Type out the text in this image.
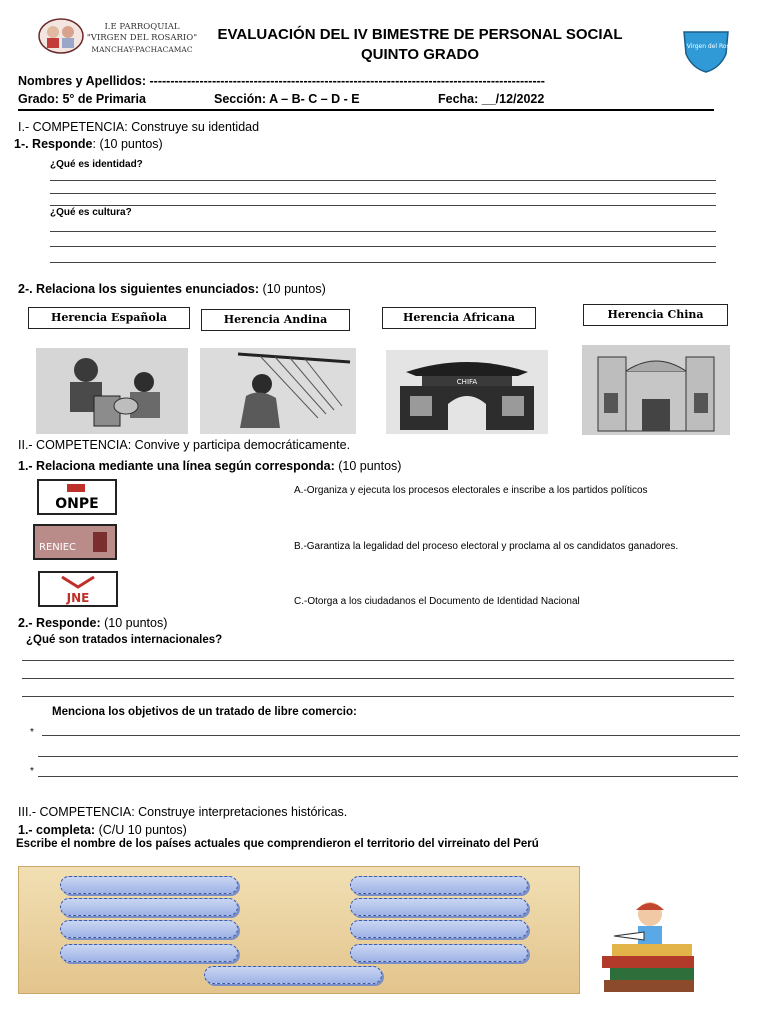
I.E PARROQUIAL
"VIRGEN DEL ROSARIO"
MANCHAY-PACHACAMAC
EVALUACIÓN DEL IV BIMESTRE DE PERSONAL SOCIAL
QUINTO GRADO	I.E.P. Virgen del Rosario
Nombres y Apellidos: -----------------------------------------------------------------------------------------------
Grado: 5° de Primaria	Sección: A – B- C – D - E	Fecha: __/12/2022
I.- COMPETENCIA: Construye su identidad
1-. Responde: (10 puntos)
¿Qué es identidad?
¿Qué es cultura?
2-. Relaciona los siguientes enunciados: (10 puntos)
Herencia Española	Herencia Andina	Herencia Africana	Herencia China
CHIFA
II.- COMPETENCIA: Convive y participa democráticamente.
1.- Relaciona mediante una línea según corresponda: (10 puntos)
ONPE
RENIEC
JNE
A.-Organiza y ejecuta los procesos electorales e inscribe a los partidos políticos
B.-Garantiza la legalidad del proceso electoral y proclama al os candidatos ganadores.
C.-Otorga a los ciudadanos el Documento de Identidad Nacional
2.- Responde: (10 puntos)
¿Qué son tratados internacionales?
Menciona los objetivos de un tratado de libre comercio:
*
*
III.- COMPETENCIA: Construye interpretaciones históricas.
1.- completa: (C/U 10 puntos)
Escribe el nombre de los países actuales que comprendieron el territorio del virreinato del Perú
